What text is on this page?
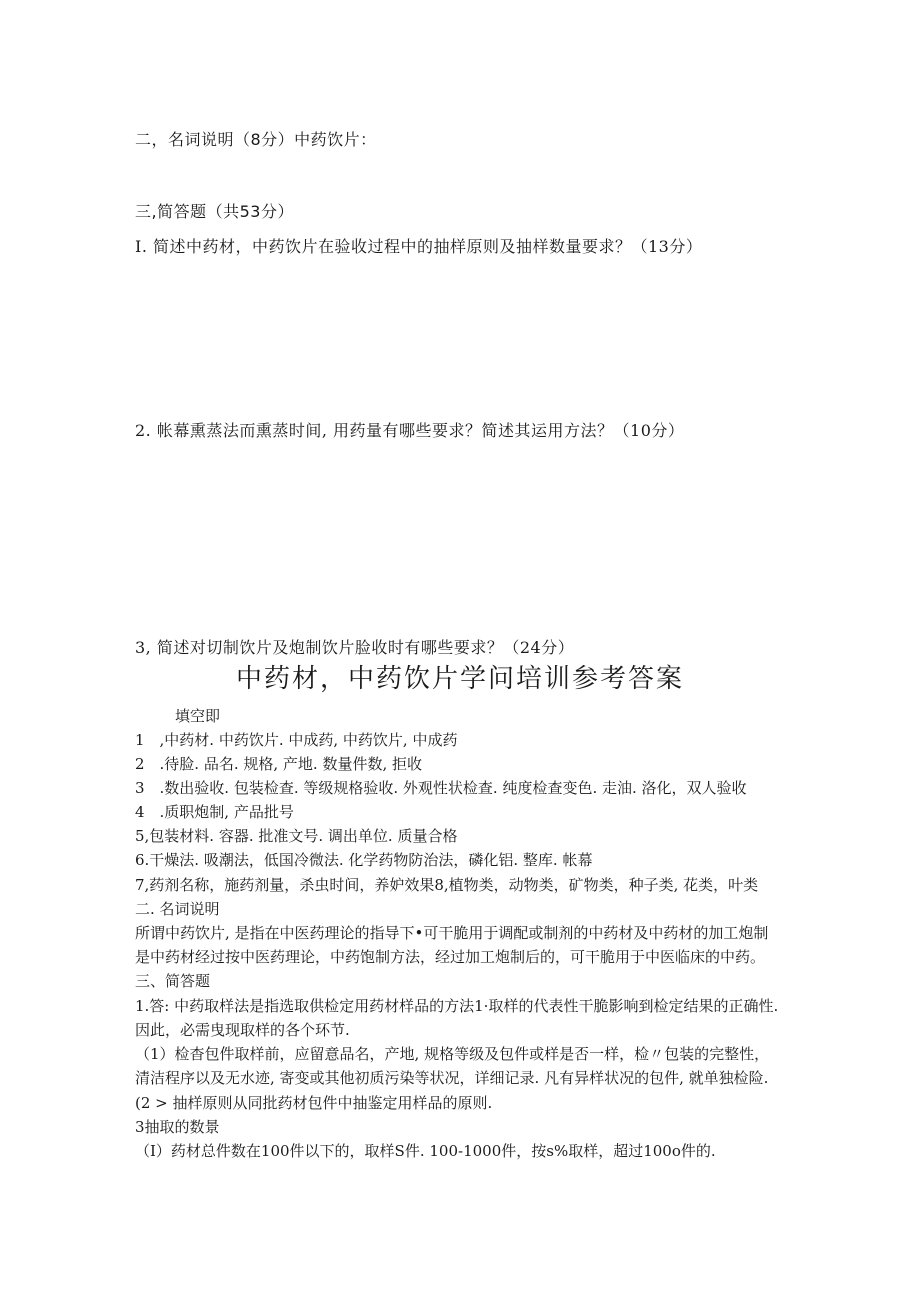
二，名词说明（8分）中药饮片：
三,简答题（共53分）
I. 简述中药材，中药饮片在验收过程中的抽样原则及抽样数量要求？（13分）
2. 帐幕熏蒸法而熏蒸时间, 用药量有哪些要求？简述其运用方法？（10分）
3, 简述对切制饮片及炮制饮片脸收时有哪些要求？（24分）
中药材，中药饮片学问培训参考答案
填空即
1　,中药材. 中药饮片. 中成药, 中药饮片, 中成药
2　.待脸. 品名. 规格, 产地. 数量件数, 拒收
3　.数出验收. 包装检查. 等级规格验收. 外观性状检查. 纯度检查变色. 走油. 洛化，双人验收
4　.质职炮制, 产品批号
5,包装材料. 容器. 批准文号. 调出单位. 质量合格
6.干燥法. 吸潮法，低国冷微法. 化学药物防治法，磷化铝. 整库. 帐幕
7,药剂名称，施药剂量，杀虫时间，养妒效果8,植物类，动物类，矿物类，种子类, 花类，叶类
二. 名词说明
所谓中药饮片, 是指在中医药理论的指导下•可干脆用于调配或制剂的中药材及中药材的加工炮制
是中药材经过按中医药理论，中药饱制方法，经过加工炮制后的，可干脆用于中医临床的中药。
三、简答题
1.答: 中药取样法是指选取供检定用药材样品的方法1·取样的代表性干脆影响到检定结果的正确性.
因此，必需曳现取样的各个环节.
（1）检杳包件取样前，应留意品名，产地, 规格等级及包件或样是否一样，检〃包装的完整性，
清洁程序以及无水迹, 寄变或其他初质污染等状况，详细记录. 凡有异样状况的包件, 就单独检险.
(2 > 抽样原则从同批药材包件中抽鉴定用样品的原则.
3抽取的数景
（I）药材总件数在100件以下的，取样S件. 100-1000件，按s%取样，超过100o件的.
